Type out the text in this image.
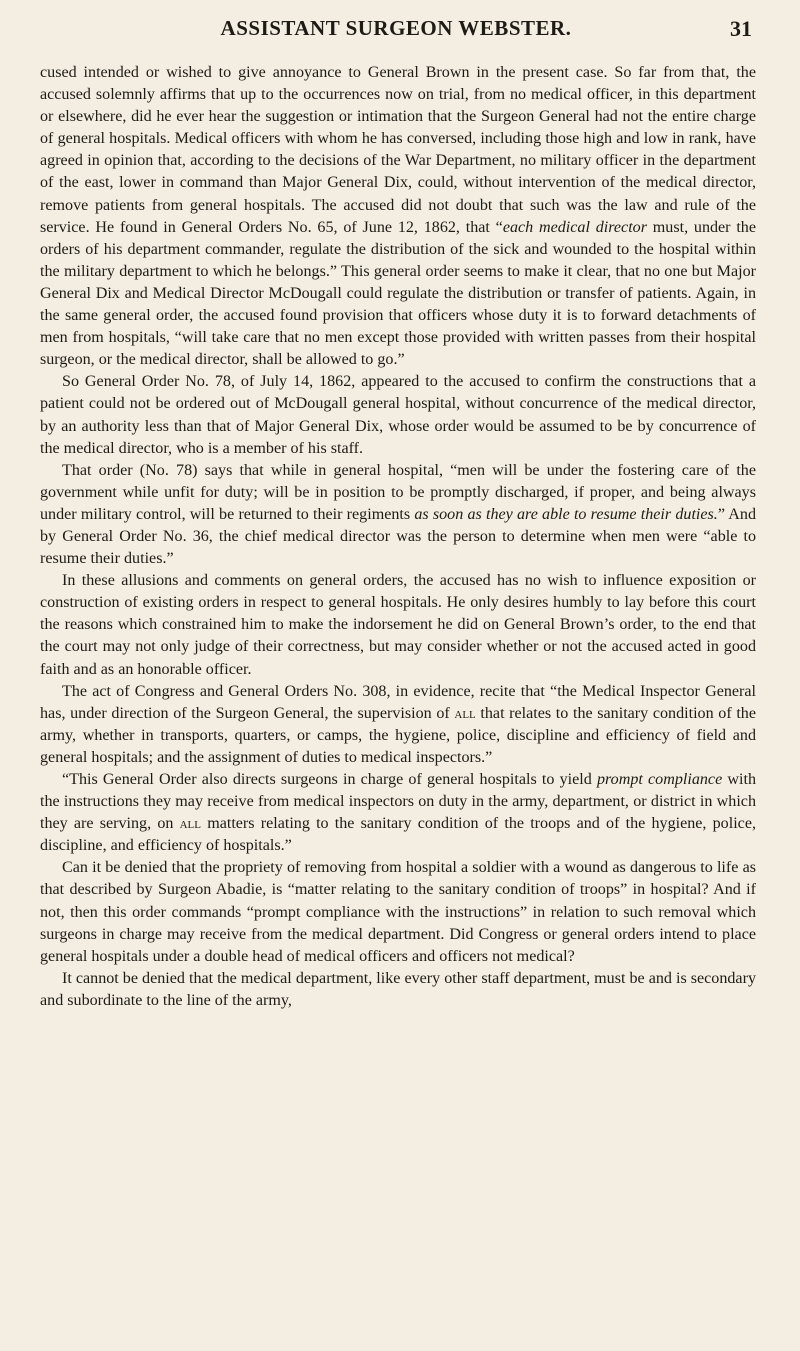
ASSISTANT SURGEON WEBSTER.	31

cused intended or wished to give annoyance to General Brown in the present case. So far from that, the accused solemnly affirms that up to the occurrences now on trial, from no medical officer, in this department or elsewhere, did he ever hear the suggestion or intimation that the Surgeon General had not the entire charge of general hospitals. Medical officers with whom he has conversed, including those high and low in rank, have agreed in opinion that, according to the decisions of the War Department, no military officer in the department of the east, lower in command than Major General Dix, could, without intervention of the medical director, remove patients from general hospitals. The accused did not doubt that such was the law and rule of the service. He found in General Orders No. 65, of June 12, 1862, that “each medical director must, under the orders of his department commander, regulate the distribution of the sick and wounded to the hospital within the military department to which he belongs.” This general order seems to make it clear, that no one but Major General Dix and Medical Director McDougall could regulate the distribution or transfer of patients. Again, in the same general order, the accused found provision that officers whose duty it is to forward detachments of men from hospitals, “will take care that no men except those provided with written passes from their hospital surgeon, or the medical director, shall be allowed to go.”

So General Order No. 78, of July 14, 1862, appeared to the accused to confirm the constructions that a patient could not be ordered out of McDougall general hospital, without concurrence of the medical director, by an authority less than that of Major General Dix, whose order would be assumed to be by concurrence of the medical director, who is a member of his staff.

That order (No. 78) says that while in general hospital, “men will be under the fostering care of the government while unfit for duty; will be in position to be promptly discharged, if proper, and being always under military control, will be returned to their regiments as soon as they are able to resume their duties.” And by General Order No. 36, the chief medical director was the person to determine when men were “able to resume their duties.”

In these allusions and comments on general orders, the accused has no wish to influence exposition or construction of existing orders in respect to general hospitals. He only desires humbly to lay before this court the reasons which constrained him to make the indorsement he did on General Brown’s order, to the end that the court may not only judge of their correctness, but may consider whether or not the accused acted in good faith and as an honorable officer.

The act of Congress and General Orders No. 308, in evidence, recite that “the Medical Inspector General has, under direction of the Surgeon General, the supervision of all that relates to the sanitary condition of the army, whether in transports, quarters, or camps, the hygiene, police, discipline and efficiency of field and general hospitals; and the assignment of duties to medical inspectors.”

“This General Order also directs surgeons in charge of general hospitals to yield prompt compliance with the instructions they may receive from medical inspectors on duty in the army, department, or district in which they are serving, on all matters relating to the sanitary condition of the troops and of the hygiene, police, discipline, and efficiency of hospitals.”

Can it be denied that the propriety of removing from hospital a soldier with a wound as dangerous to life as that described by Surgeon Abadie, is “matter relating to the sanitary condition of troops” in hospital? And if not, then this order commands “prompt compliance with the instructions” in relation to such removal which surgeons in charge may receive from the medical department. Did Congress or general orders intend to place general hospitals under a double head of medical officers and officers not medical?

It cannot be denied that the medical department, like every other staff department, must be and is secondary and subordinate to the line of the army,
